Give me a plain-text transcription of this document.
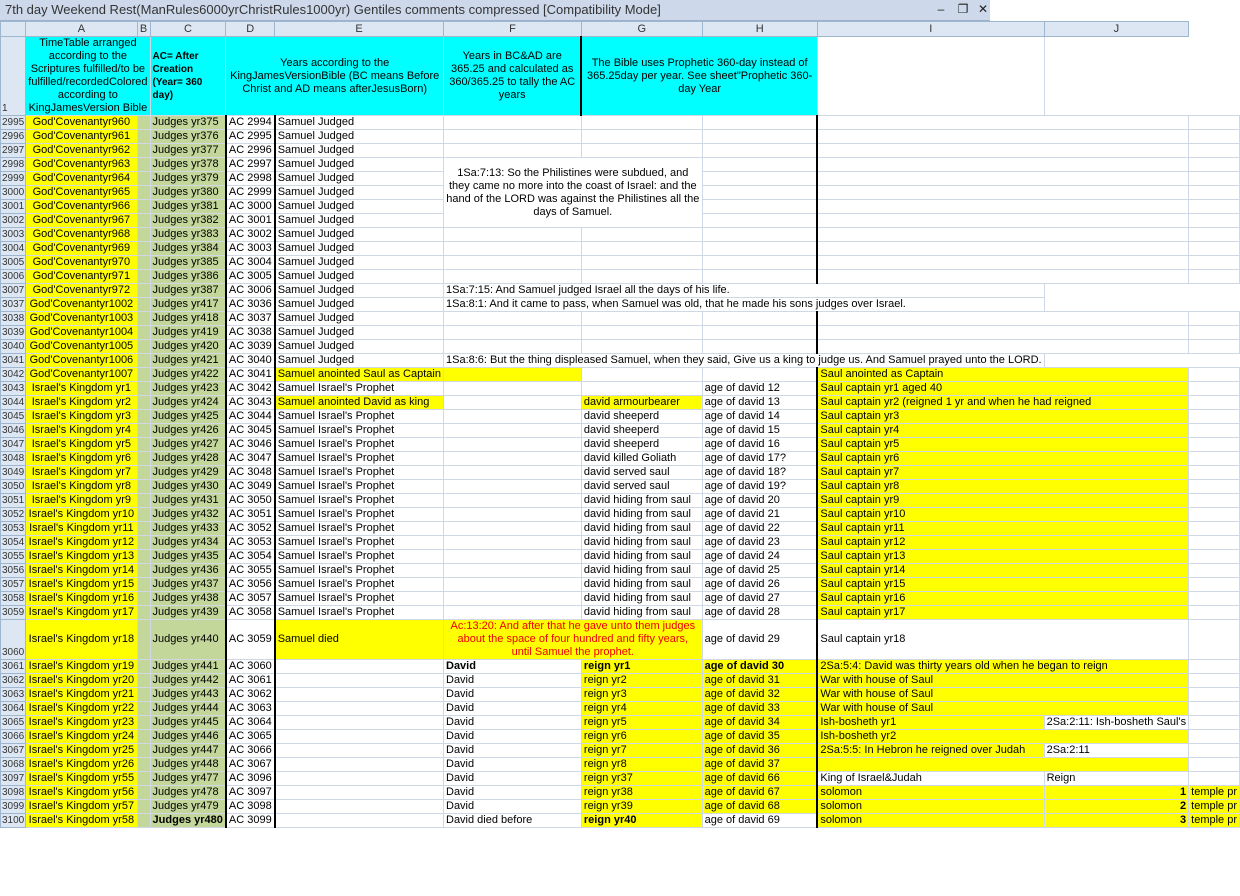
7th day Weekend Rest(ManRules6000yrChristRules1000yr) Gentiles comments compressed [Compatibility Mode]	‒	❐ ✕
	A	B	C	D	E	F	G	H	I	J	
1	TimeTable arranged according to the Scriptures fulfilled/to be fulfilled/recordedColored according to KingJamesVersion Bible		AC= After Creation (Year= 360 day)	Years according to the KingJamesVersionBible (BC means Before Christ and AD means afterJesusBorn)		Years in BC&AD are 365.25 and calculated as 360/365.25 to tally the AC years	The Bible uses Prophetic 360-day instead of 365.25day per year. See sheet"Prophetic 360-day Year				
2995	God'Covenantyr960		Judges yr375	AC 2994	Samuel Judged						
2996	God'Covenantyr961		Judges yr376	AC 2995	Samuel Judged						
2997	God'Covenantyr962		Judges yr377	AC 2996	Samuel Judged						
2998	God'Covenantyr963		Judges yr378	AC 2997	Samuel Judged	1Sa:7:13: So the Philistines were subdued, and they came no more into the coast of Israel: and the hand of the LORD was against the Philistines all the days of Samuel.					
2999	God'Covenantyr964		Judges yr379	AC 2998	Samuel Judged						
3000	God'Covenantyr965		Judges yr380	AC 2999	Samuel Judged						
3001	God'Covenantyr966		Judges yr381	AC 3000	Samuel Judged						
3002	God'Covenantyr967		Judges yr382	AC 3001	Samuel Judged						
3003	God'Covenantyr968		Judges yr383	AC 3002	Samuel Judged						
3004	God'Covenantyr969		Judges yr384	AC 3003	Samuel Judged						
3005	God'Covenantyr970		Judges yr385	AC 3004	Samuel Judged						
3006	God'Covenantyr971		Judges yr386	AC 3005	Samuel Judged						
3007	God'Covenantyr972		Judges yr387	AC 3006	Samuel Judged	1Sa:7:15: And Samuel judged Israel all the days of his life.					
3037	God'Covenantyr1002		Judges yr417	AC 3036	Samuel Judged	1Sa:8:1: And it came to pass, when Samuel was old, that he made his sons judges over Israel.					
3038	God'Covenantyr1003		Judges yr418	AC 3037	Samuel Judged						
3039	God'Covenantyr1004		Judges yr419	AC 3038	Samuel Judged						
3040	God'Covenantyr1005		Judges yr420	AC 3039	Samuel Judged						
3041	God'Covenantyr1006		Judges yr421	AC 3040	Samuel Judged	1Sa:8:6: But the thing displeased Samuel, when they said, Give us a king to judge us. And Samuel prayed unto the LORD.					
3042	God'Covenantyr1007		Judges yr422	AC 3041	Samuel anointed Saul as Captain				Saul anointed as Captain		
3043	Israel's Kingdom yr1		Judges yr423	AC 3042	Samuel Israel's Prophet			age of david 12	Saul captain yr1 aged 40		
3044	Israel's Kingdom yr2		Judges yr424	AC 3043	Samuel anointed David as king		david armourbearer	age of david 13	Saul captain yr2 (reigned 1 yr and when he had reigned		
3045	Israel's Kingdom yr3		Judges yr425	AC 3044	Samuel Israel's Prophet		david sheeperd	age of david 14	Saul captain yr3		
3046	Israel's Kingdom yr4		Judges yr426	AC 3045	Samuel Israel's Prophet		david sheeperd	age of david 15	Saul captain yr4		
3047	Israel's Kingdom yr5		Judges yr427	AC 3046	Samuel Israel's Prophet		david sheeperd	age of david 16	Saul captain yr5		
3048	Israel's Kingdom yr6		Judges yr428	AC 3047	Samuel Israel's Prophet		david killed Goliath	age of david 17?	Saul captain yr6		
3049	Israel's Kingdom yr7		Judges yr429	AC 3048	Samuel Israel's Prophet		david served saul	age of david 18?	Saul captain yr7		
3050	Israel's Kingdom yr8		Judges yr430	AC 3049	Samuel Israel's Prophet		david served saul	age of david 19?	Saul captain yr8		
3051	Israel's Kingdom yr9		Judges yr431	AC 3050	Samuel Israel's Prophet		david hiding from saul	age of david 20	Saul captain yr9		
3052	Israel's Kingdom yr10		Judges yr432	AC 3051	Samuel Israel's Prophet		david hiding from saul	age of david 21	Saul captain yr10		
3053	Israel's Kingdom yr11		Judges yr433	AC 3052	Samuel Israel's Prophet		david hiding from saul	age of david 22	Saul captain yr11		
3054	Israel's Kingdom yr12		Judges yr434	AC 3053	Samuel Israel's Prophet		david hiding from saul	age of david 23	Saul captain yr12		
3055	Israel's Kingdom yr13		Judges yr435	AC 3054	Samuel Israel's Prophet		david hiding from saul	age of david 24	Saul captain yr13		
3056	Israel's Kingdom yr14		Judges yr436	AC 3055	Samuel Israel's Prophet		david hiding from saul	age of david 25	Saul captain yr14		
3057	Israel's Kingdom yr15		Judges yr437	AC 3056	Samuel Israel's Prophet		david hiding from saul	age of david 26	Saul captain yr15		
3058	Israel's Kingdom yr16		Judges yr438	AC 3057	Samuel Israel's Prophet		david hiding from saul	age of david 27	Saul captain yr16		
3059	Israel's Kingdom yr17		Judges yr439	AC 3058	Samuel Israel's Prophet		david hiding from saul	age of david 28	Saul captain yr17		
3060	Israel's Kingdom yr18		Judges yr440	AC 3059	Samuel died	Ac:13:20: And after that he gave unto them judges about the space of four hundred and fifty years, until Samuel the prophet.		age of david 29	Saul captain yr18		
3061	Israel's Kingdom yr19		Judges yr441	AC 3060		David	reign yr1	age of david 30	2Sa:5:4: David was thirty years old when he began to reign		
3062	Israel's Kingdom yr20		Judges yr442	AC 3061		David	reign yr2	age of david 31	War with house of Saul		
3063	Israel's Kingdom yr21		Judges yr443	AC 3062		David	reign yr3	age of david 32	War with house of Saul		
3064	Israel's Kingdom yr22		Judges yr444	AC 3063		David	reign yr4	age of david 33	War with house of Saul		
3065	Israel's Kingdom yr23		Judges yr445	AC 3064		David	reign yr5	age of david 34	Ish-bosheth yr1	2Sa:2:11: Ish-bosheth Saul's	
3066	Israel's Kingdom yr24		Judges yr446	AC 3065		David	reign yr6	age of david 35	Ish-bosheth yr2		
3067	Israel's Kingdom yr25		Judges yr447	AC 3066		David	reign yr7	age of david 36	2Sa:5:5: In Hebron he reigned over Judah	2Sa:2:11	
3068	Israel's Kingdom yr26		Judges yr448	AC 3067		David	reign yr8	age of david 37			
3097	Israel's Kingdom yr55		Judges yr477	AC 3096		David	reign yr37	age of david 66	King of Israel&Judah	Reign	
3098	Israel's Kingdom yr56		Judges yr478	AC 3097		David	reign yr38	age of david 67	solomon	1	temple pr
3099	Israel's Kingdom yr57		Judges yr479	AC 3098		David	reign yr39	age of david 68	solomon	2	temple pr
3100	Israel's Kingdom yr58		Judges yr480	AC 3099		David died before	reign yr40	age of david 69	solomon	3	temple pr
